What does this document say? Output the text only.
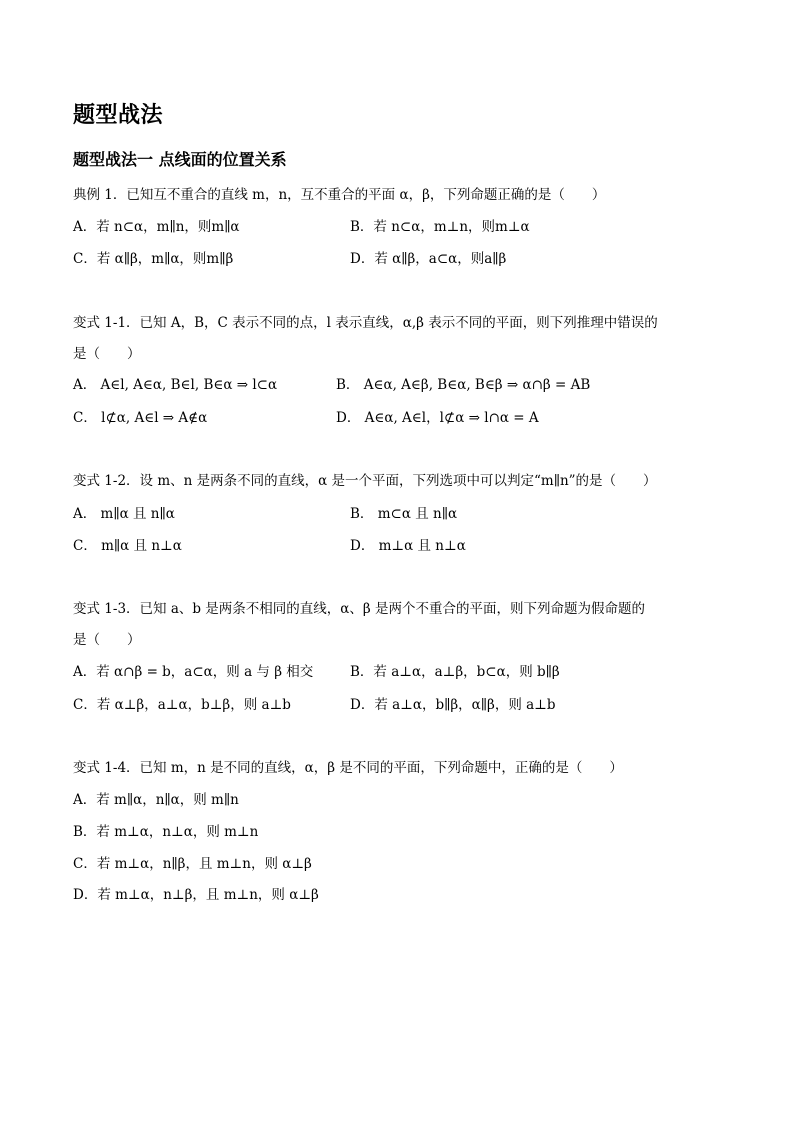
题型战法
题型战法一 点线面的位置关系
典例 1．已知互不重合的直线 m，n，互不重合的平面 α，β，下列命题正确的是（　　）
A．若 n⊂α，m∥n，则m∥α	B．若 n⊂α，m⊥n，则m⊥α
C．若 α∥β，m∥α，则m∥β	D．若 α∥β，a⊂α，则a∥β
变式 1-1．已知 A，B，C 表示不同的点，l 表示直线，α,β 表示不同的平面，则下列推理中错误的
是（　　）
A． A∈l, A∈α, B∈l, B∈α ⇒ l⊂α	B． A∈α, A∈β, B∈α, B∈β ⇒ α∩β = AB
C． l⊄α, A∈l ⇒ A∉α	D． A∈α, A∈l，l⊄α ⇒ l∩α = A
变式 1-2．设 m、n 是两条不同的直线，α 是一个平面，下列选项中可以判定“m∥n”的是（　　）
A． m∥α 且 n∥α	B． m⊂α 且 n∥α
C． m∥α 且 n⊥α	D． m⊥α 且 n⊥α
变式 1-3．已知 a、b 是两条不相同的直线，α、β 是两个不重合的平面，则下列命题为假命题的
是（　　）
A．若 α∩β = b，a⊂α，则 a 与 β 相交	B．若 a⊥α，a⊥β，b⊂α，则 b∥β
C．若 α⊥β，a⊥α，b⊥β，则 a⊥b	D．若 a⊥α，b∥β，α∥β，则 a⊥b
变式 1-4．已知 m，n 是不同的直线，α，β 是不同的平面，下列命题中，正确的是（　　）
A．若 m∥α，n∥α，则 m∥n
B．若 m⊥α，n⊥α，则 m⊥n
C．若 m⊥α，n∥β，且 m⊥n，则 α⊥β
D．若 m⊥α，n⊥β，且 m⊥n，则 α⊥β
